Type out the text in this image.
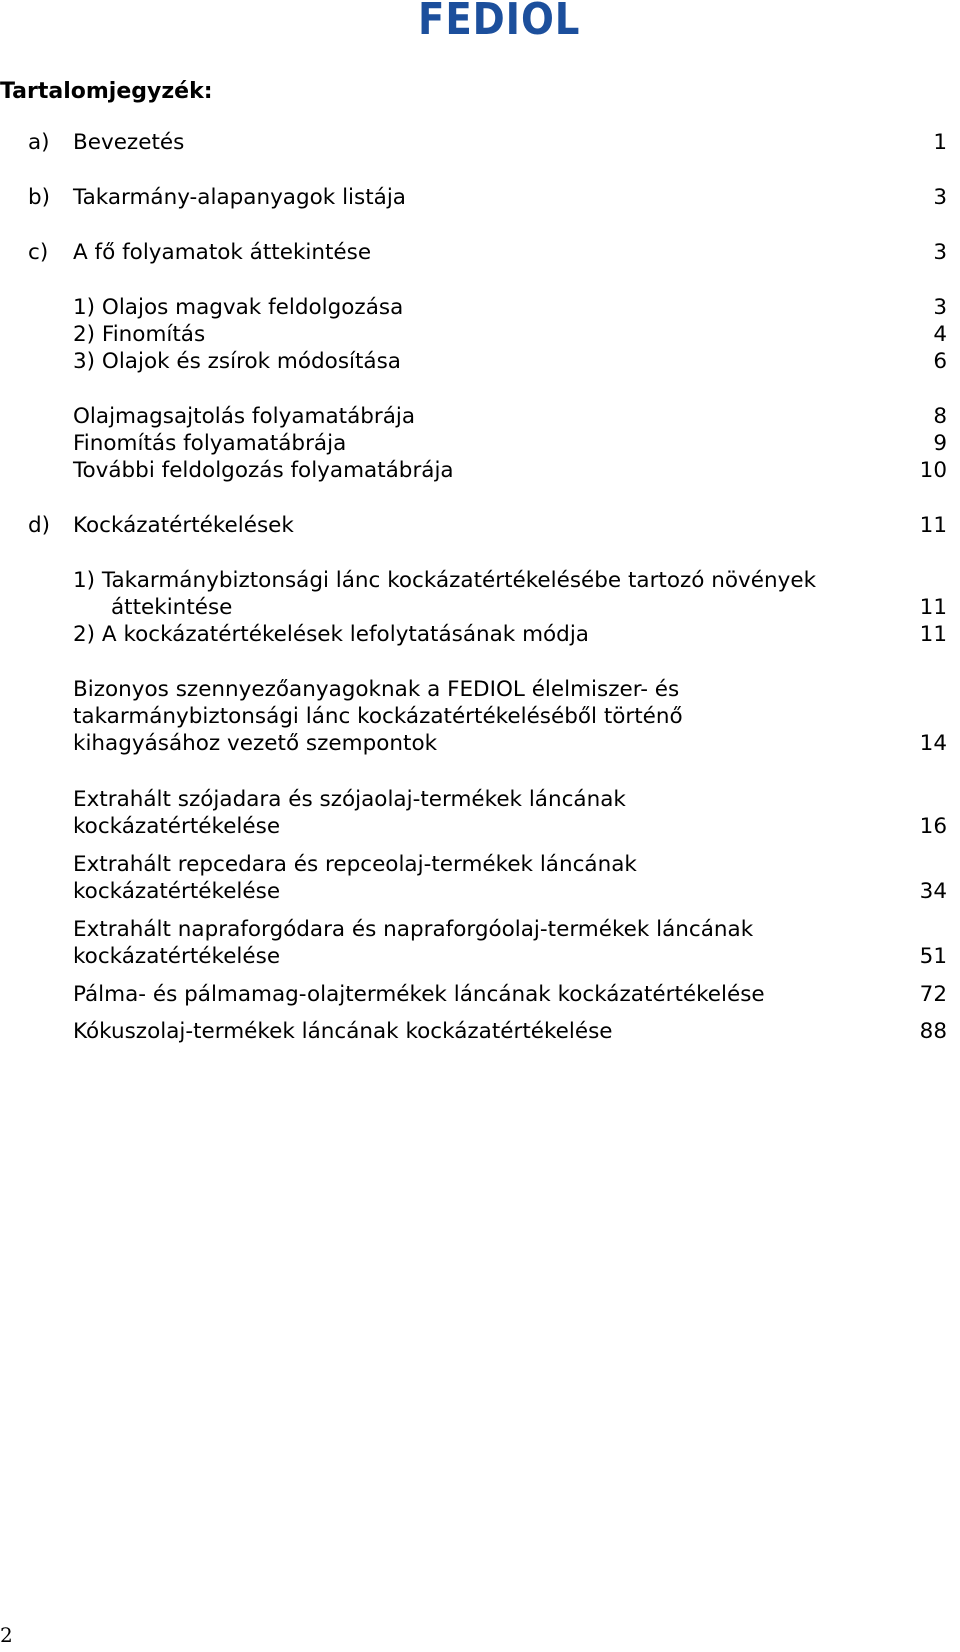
FEDIOL
Tartalomjegyzék:
a) Bevezetés	1
b) Takarmány-alapanyagok listája	3
c) A fő folyamatok áttekintése	3
1) Olajos magvak feldolgozása	3
2) Finomítás	4
3) Olajok és zsírok módosítása	6
Olajmagsajtolás folyamatábrája	8
Finomítás folyamatábrája	9
További feldolgozás folyamatábrája	10
d) Kockázatértékelések	11
1) Takarmánybiztonsági lánc kockázatértékelésébe tartozó növények
áttekintése	11
2) A kockázatértékelések lefolytatásának módja	11
Bizonyos szennyezőanyagoknak a FEDIOL élelmiszer- és
takarmánybiztonsági lánc kockázatértékeléséből történő
kihagyásához vezető szempontok	14
Extrahált szójadara és szójaolaj-termékek láncának
kockázatértékelése	16
Extrahált repcedara és repceolaj-termékek láncának
kockázatértékelése	34
Extrahált napraforgódara és napraforgóolaj-termékek láncának
kockázatértékelése	51
Pálma- és pálmamag-olajtermékek láncának kockázatértékelése	72
Kókuszolaj-termékek láncának kockázatértékelése	88
2
